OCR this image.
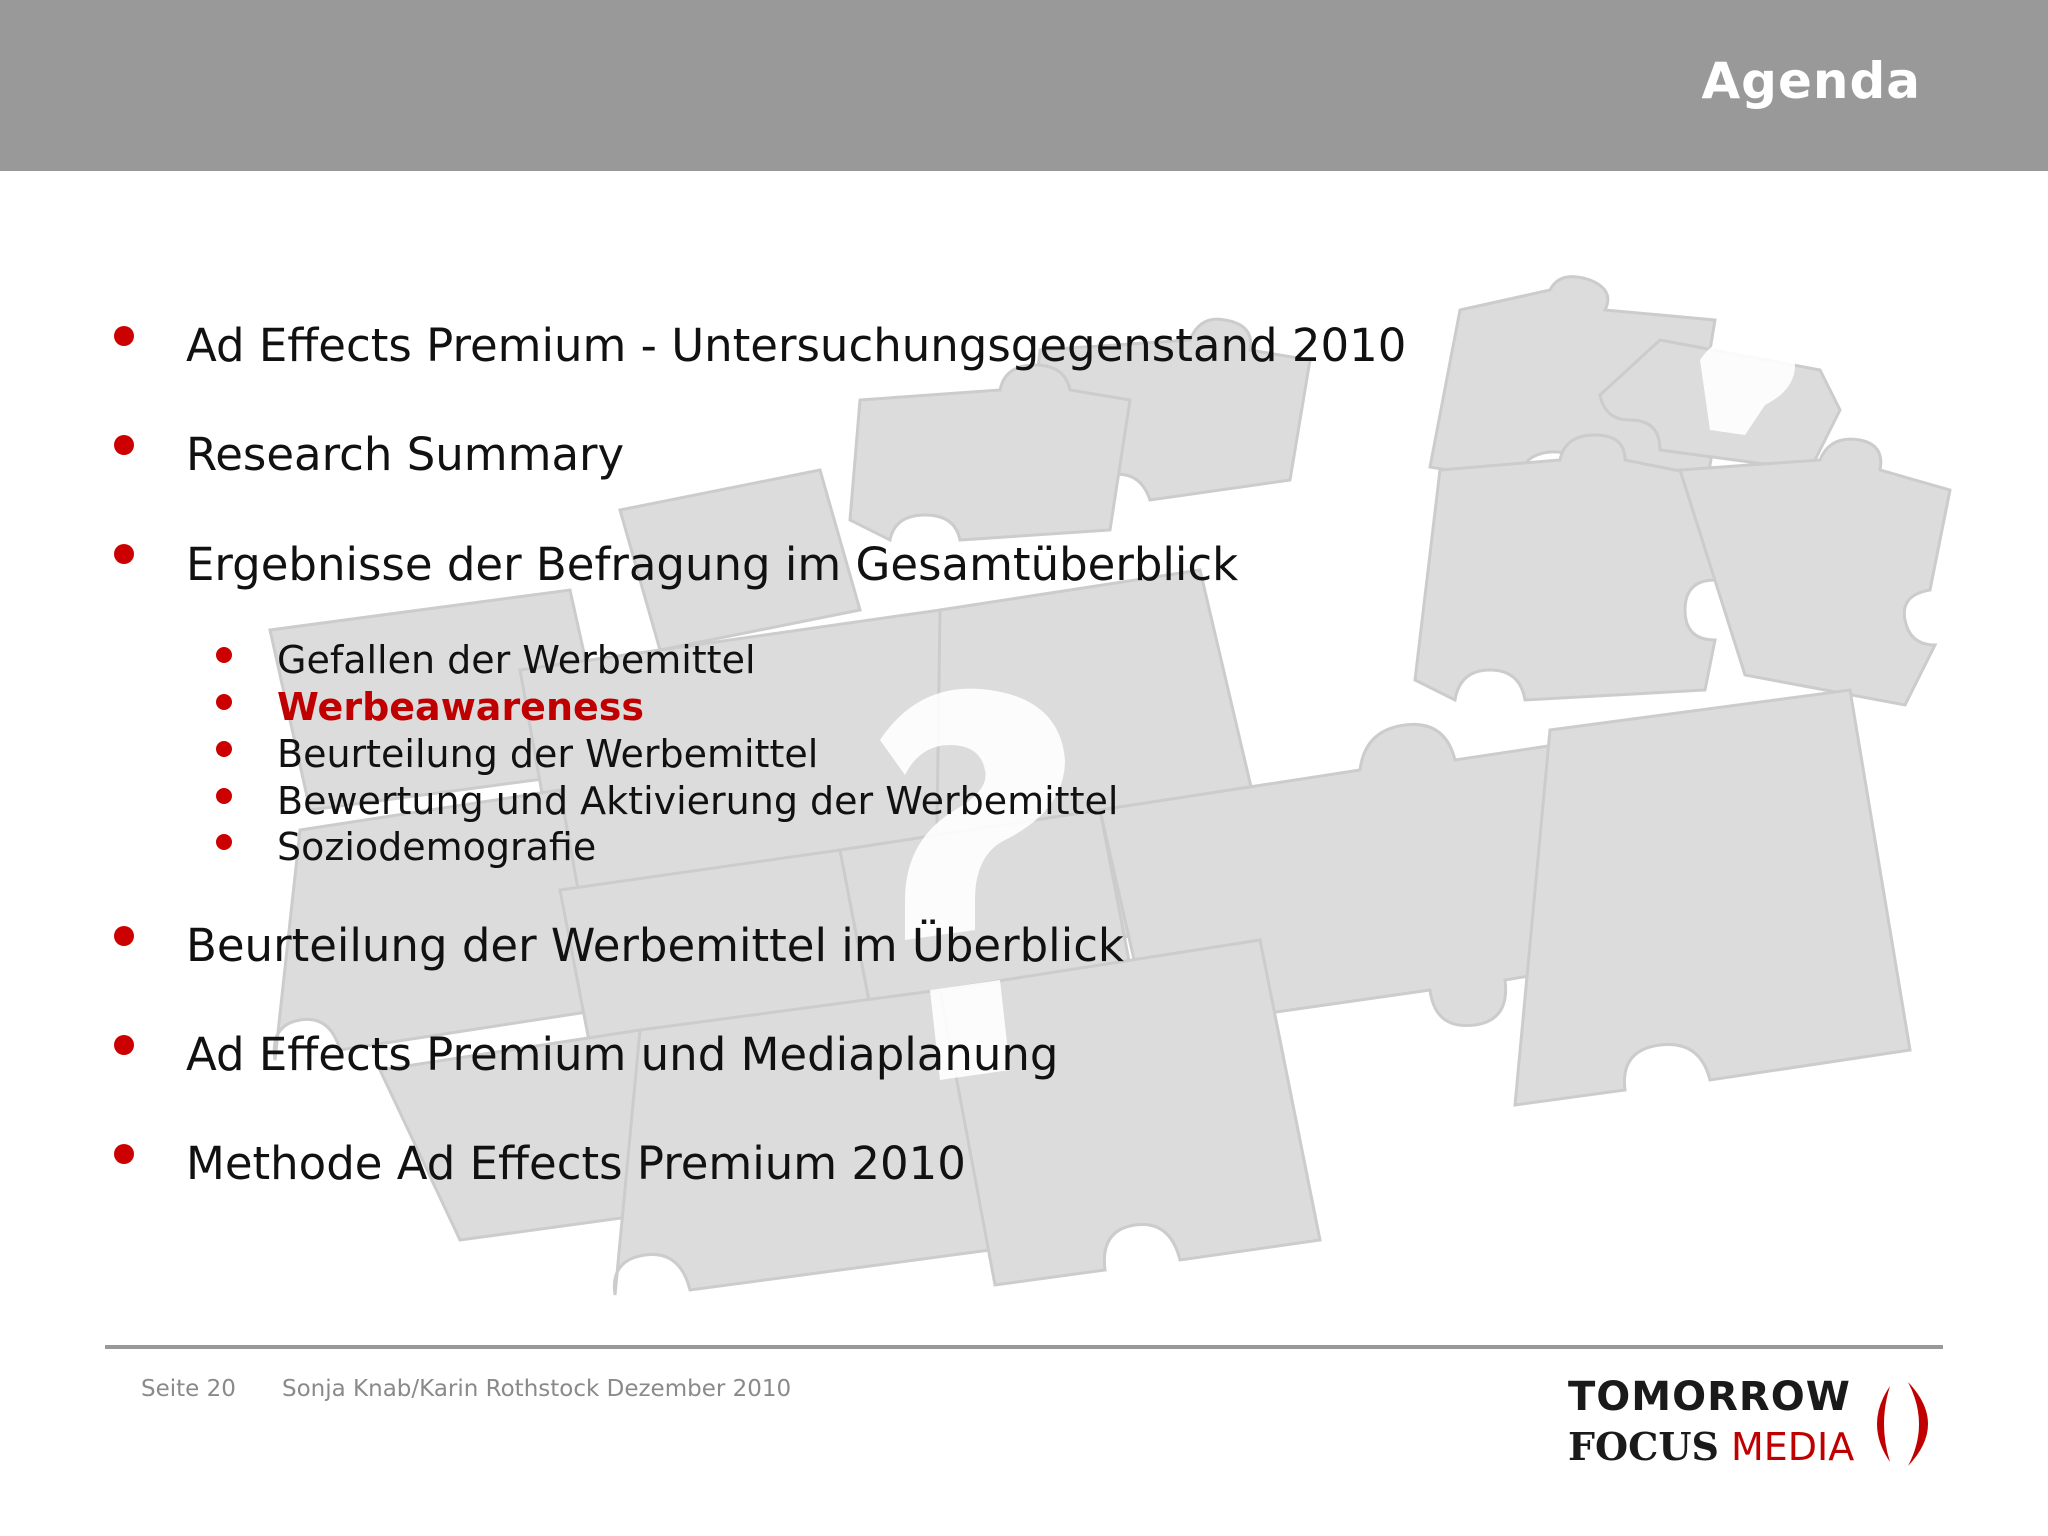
Agenda
Ad Effects Premium - Untersuchungsgegenstand 2010
Research Summary
Ergebnisse der Befragung im Gesamtüberblick
Gefallen der Werbemittel
Werbeawareness
Beurteilung der Werbemittel
Bewertung und Aktivierung der Werbemittel
Soziodemografie
Beurteilung der Werbemittel im Überblick
Ad Effects Premium und Mediaplanung
Methode Ad Effects Premium 2010
Seite 20 Sonja Knab/Karin Rothstock Dezember 2010	TOMORROW
FOCUS MEDIA
